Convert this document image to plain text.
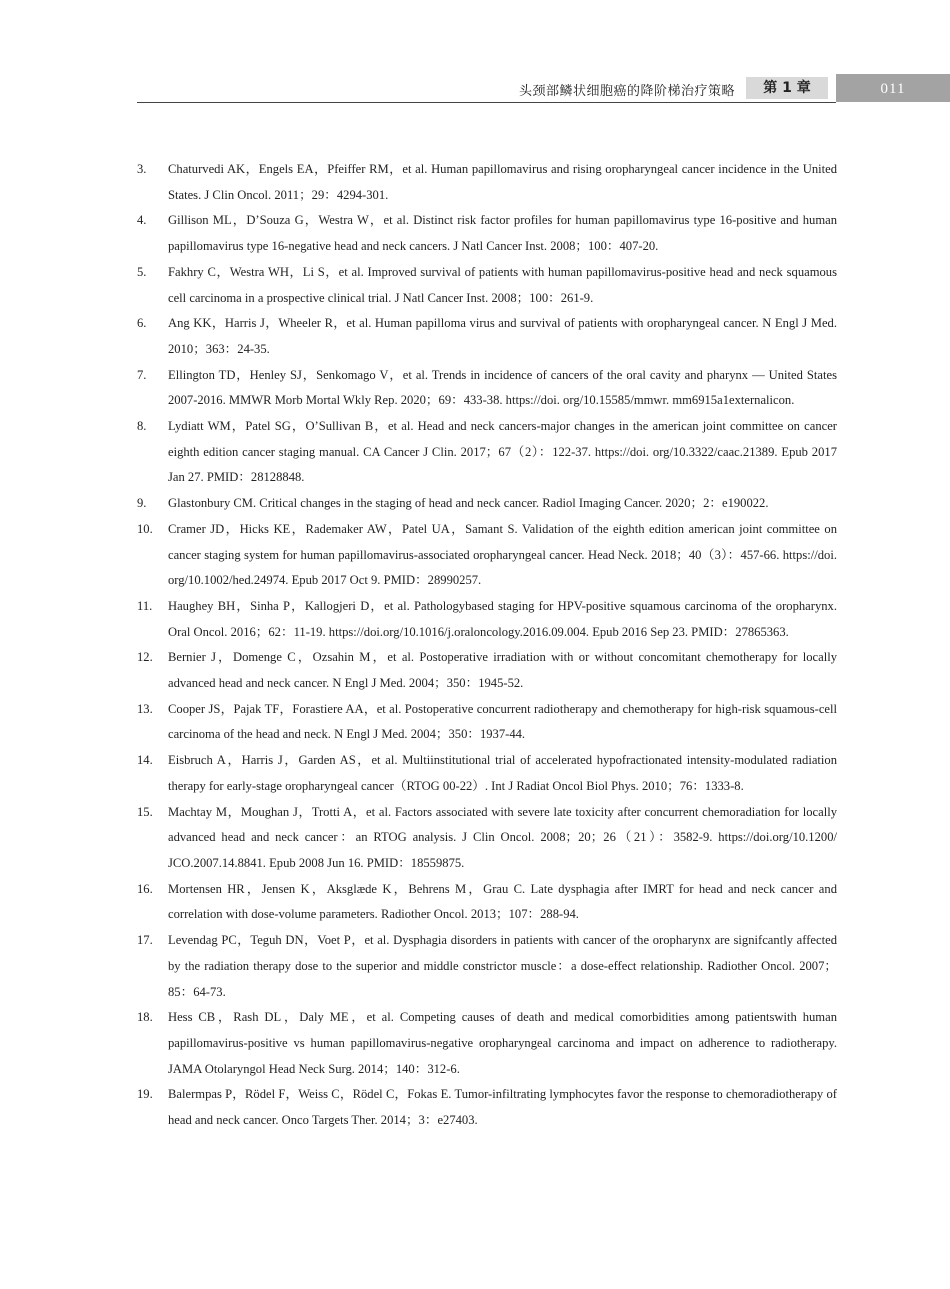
头颈部鳞状细胞癌的降阶梯治疗策略	第 1 章	011
3. Chaturvedi AK，Engels EA，Pfeiffer RM，et al. Human papillomavirus and rising oropharyngeal cancer incidence in the United States. J Clin Oncol. 2011；29：4294-301.
4. Gillison ML，D’Souza G，Westra W，et al. Distinct risk factor profiles for human papillomavirus type 16-positive and human papillomavirus type 16-negative head and neck cancers. J Natl Cancer Inst. 2008；100：407-20.
5. Fakhry C，Westra WH，Li S，et al. Improved survival of patients with human papillomavirus-positive head and neck squamous cell carcinoma in a prospective clinical trial. J Natl Cancer Inst. 2008；100：261-9.
6. Ang KK，Harris J，Wheeler R，et al. Human papilloma virus and survival of patients with oropharyngeal cancer. N Engl J Med. 2010；363：24-35.
7. Ellington TD，Henley SJ，Senkomago V，et al. Trends in incidence of cancers of the oral cavity and pharynx — United States 2007-2016. MMWR Morb Mortal Wkly Rep. 2020；69：433-38. https://doi. org/10.15585/mmwr. mm6915a1externalicon.
8. Lydiatt WM，Patel SG，O’Sullivan B，et al. Head and neck cancers-major changes in the american joint committee on cancer eighth edition cancer staging manual. CA Cancer J Clin. 2017；67（2）：122-37. https://doi. org/10.3322/caac.21389. Epub 2017 Jan 27. PMID：28128848.
9. Glastonbury CM. Critical changes in the staging of head and neck cancer. Radiol Imaging Cancer. 2020；2：e190022.
10. Cramer JD，Hicks KE，Rademaker AW，Patel UA，Samant S. Validation of the eighth edition american joint committee on cancer staging system for human papillomavirus-associated oropharyngeal cancer. Head Neck. 2018；40（3）：457-66. https://doi. org/10.1002/hed.24974. Epub 2017 Oct 9. PMID：28990257.
11. Haughey BH，Sinha P，Kallogjeri D，et al. Pathologybased staging for HPV-positive squamous carcinoma of the oropharynx. Oral Oncol. 2016；62：11-19. https://doi.org/10.1016/j.oraloncology.2016.09.004. Epub 2016 Sep 23. PMID：27865363.
12. Bernier J，Domenge C，Ozsahin M，et al. Postoperative irradiation with or without concomitant chemotherapy for locally advanced head and neck cancer. N Engl J Med. 2004；350：1945-52.
13. Cooper JS，Pajak TF，Forastiere AA，et al. Postoperative concurrent radiotherapy and chemotherapy for high-risk squamous-cell carcinoma of the head and neck. N Engl J Med. 2004；350：1937-44.
14. Eisbruch A，Harris J，Garden AS，et al. Multiinstitutional trial of accelerated hypofractionated intensity-modulated radiation therapy for early-stage oropharyngeal cancer（RTOG 00-22）. Int J Radiat Oncol Biol Phys. 2010；76：1333-8.
15. Machtay M，Moughan J，Trotti A，et al. Factors associated with severe late toxicity after concurrent chemoradiation for locally advanced head and neck cancer：an RTOG analysis. J Clin Oncol. 2008；20；26（21）：3582-9. https://doi.org/10.1200/ JCO.2007.14.8841. Epub 2008 Jun 16. PMID：18559875.
16. Mortensen HR，Jensen K，Aksglæde K，Behrens M，Grau C. Late dysphagia after IMRT for head and neck cancer and correlation with dose-volume parameters. Radiother Oncol. 2013；107：288-94.
17. Levendag PC，Teguh DN，Voet P，et al. Dysphagia disorders in patients with cancer of the oropharynx are signifcantly affected by the radiation therapy dose to the superior and middle constrictor muscle：a dose-effect relationship. Radiother Oncol. 2007；85：64-73.
18. Hess CB，Rash DL，Daly ME，et al. Competing causes of death and medical comorbidities among patientswith human papillomavirus-positive vs human papillomavirus-negative oropharyngeal carcinoma and impact on adherence to radiotherapy. JAMA Otolaryngol Head Neck Surg. 2014；140：312-6.
19. Balermpas P，Rödel F，Weiss C，Rödel C，Fokas E. Tumor-infiltrating lymphocytes favor the response to chemoradiotherapy of head and neck cancer. Onco Targets Ther. 2014；3：e27403.
